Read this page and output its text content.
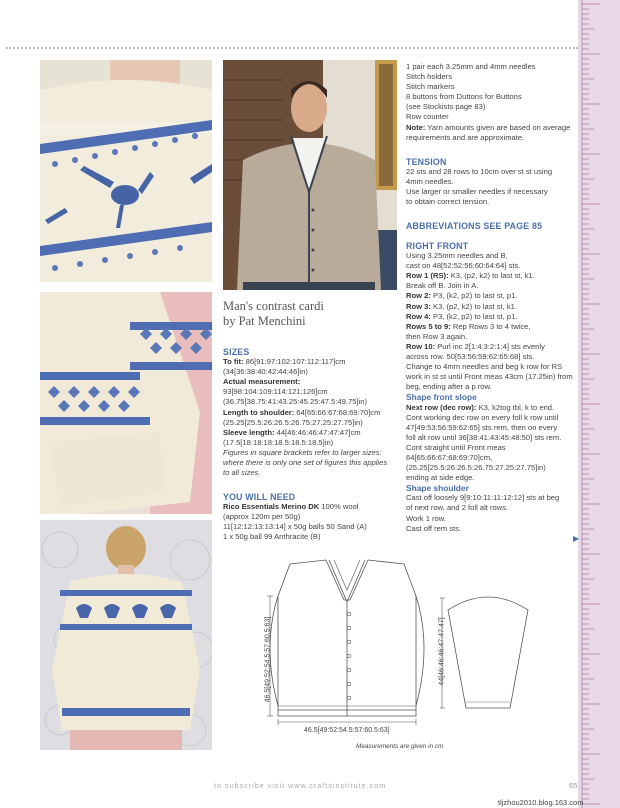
Man's contrast cardi

by Pat Menchini

SIZES

To fit: 86[91:97:102:107:112:117]cm

(34[36:38:40:42:44:46]in)

Actual measurement:

93[98:104:109:114:121:126]cm

(36.75[38.75:41:43.25:45.25:47.5:49.75]in)

Length to shoulder: 64[65:66:67:68:69:70]cm

(25.25[25.5:26:26.5:26.75:27.25:27.75]in)

Sleeve length: 44[46:46:46:47:47:47]cm

(17.5[18:18:18:18.5:18.5:18.5]in)

Figures in square brackets refer to larger sizes:

where there is only one set of figures this applies

to all sizes.

YOU WILL NEED

Rico Essentials Merino DK 100% wool

(approx 120m per 50g)

11[12:12:13:13:14] x 50g balls 50 Sand (A)

1 x 50g ball 99 Anthracite (B)

1 pair each 3.25mm and 4mm needles

Stitch holders

Stitch markers

8 buttons from Duttons for Buttons

(see Stockists page 83)

Row counter

Note: Yarn amounts given are based on average

requirements and are approximate.

TENSION

22 sts and 28 rows to 10cm over st st using

4mm needles.

Use larger or smaller needles if necessary

to obtain correct tension.

ABBREVIATIONS SEE PAGE 85

RIGHT FRONT

Using 3.25mm needles and B,

cast on 48[52:52:56:60:64:64] sts.

Row 1 (RS): K3, (p2, k2) to last st, k1.

Break off B. Join in A.

Row 2: P3, (k2, p2) to last st, p1.

Row 3: K3, (p2, k2) to last st, k1.

Row 4: P3, (k2, p2) to last st, p1.

Rows 5 to 9: Rep Rows 3 to 4 twice,

then Row 3 again.

Row 10: Purl inc 2[1:4:3:2:1:4] sts evenly

across row. 50[53:56:59:62:65:68] sts.

Change to 4mm needles and beg k row for RS

work in st st until Front meas 43cm (17.25in) from

beg, ending after a p row.

Shape front slope

Next row (dec row): K3, k2tog tbl, k to end.

Cont working dec row on every foll k row until

47[49:53:56:59:62:65] sts rem, then on every

foll alt row until 36[38:41:43:45:48:50] sts rem.

Cont straight until Front meas

64[65:66:67:68:69:70]cm,

(25.25[25.5:26:26.5:26.75:27.25:27.75]in)

ending at side edge.

Shape shoulder

Cast off loosely 9[9:10:11:11:12:12] sts at beg

of next row, and 2 foll alt rows.

Work 1 row.

Cast off rem sts.

▶
46.5[49:52:54.5:57:60.5:63]
46.5[49:52:54.5:57:60.5:63]	44[46:46:46:47:47:47]
Measurements are given in cm
to subscribe visit www.craftsinstitute.com	65
tljzhou2010.blog.163.com
